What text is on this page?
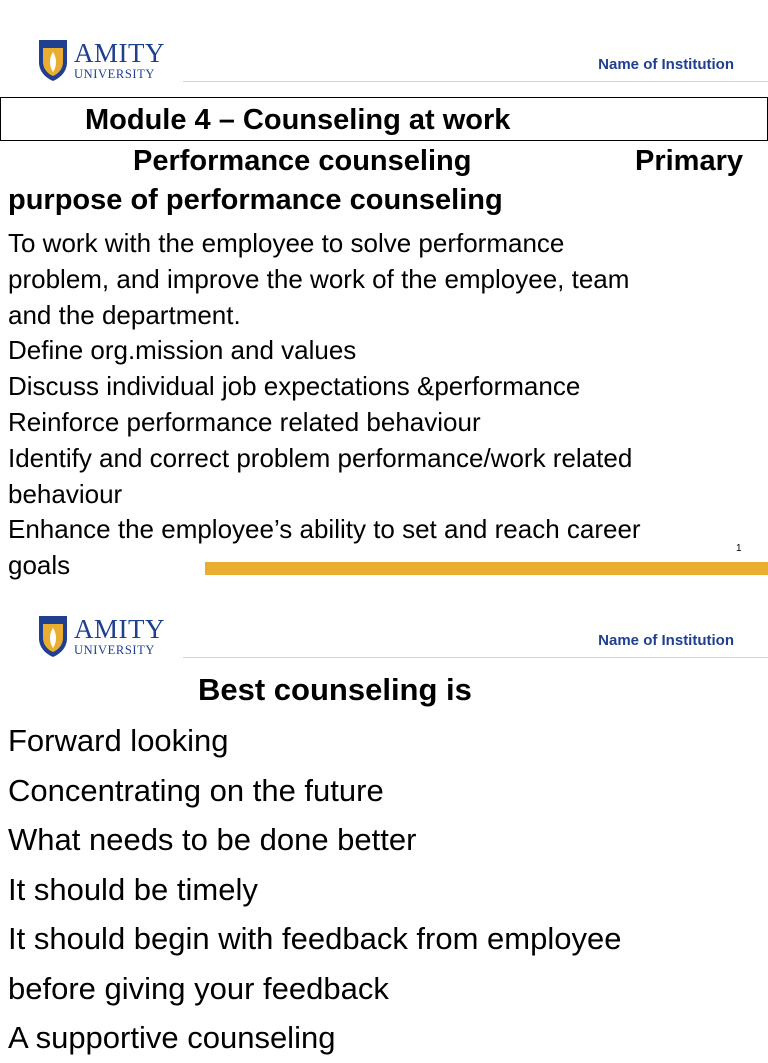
AMITY
UNIVERSITY
Name of Institution
Module 4 – Counseling at work
Performance counseling	Primary
purpose of performance counseling
To work with the employee to solve performance
problem, and improve the work of the employee, team
and the department.
Define org.mission and values
Discuss individual job expectations &performance
Reinforce performance related behaviour
Identify and correct problem performance/work related
behaviour
Enhance the employee’s ability to set and reach career
goals
1
AMITY
UNIVERSITY
Name of Institution
Best counseling is
Forward looking
Concentrating on the future
What needs to be done better
It should be timely
It should begin with feedback from employee
before giving your feedback
A supportive counseling
